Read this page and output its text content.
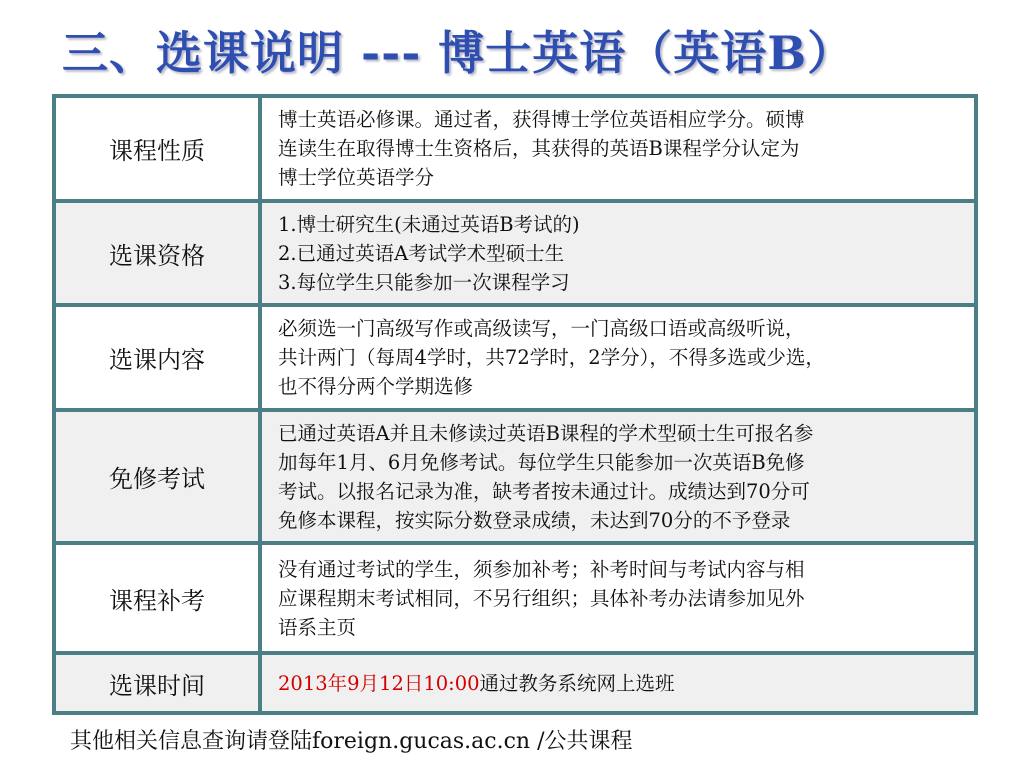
三、选课说明 --- 博士英语（英语B）
课程性质	博士英语必修课。通过者，获得博士学位英语相应学分。硕博
连读生在取得博士生资格后，其获得的英语B课程学分认定为
博士学位英语学分

选课资格	1.博士研究生(未通过英语B考试的)
2.已通过英语A考试学术型硕士生
3.每位学生只能参加一次课程学习

选课内容	必须选一门高级写作或高级读写，一门高级口语或高级听说，
共计两门（每周4学时，共72学时，2学分），不得多选或少选，
也不得分两个学期选修

免修考试	已通过英语A并且未修读过英语B课程的学术型硕士生可报名参
加每年1月、6月免修考试。每位学生只能参加一次英语B免修
考试。以报名记录为准，缺考者按未通过计。成绩达到70分可
免修本课程，按实际分数登录成绩，未达到70分的不予登录

课程补考	没有通过考试的学生，须参加补考；补考时间与考试内容与相
应课程期末考试相同，不另行组织；具体补考办法请参加见外
语系主页

选课时间	2013年9月12日10:00通过教务系统网上选班
其他相关信息查询请登陆foreign.gucas.ac.cn /公共课程
